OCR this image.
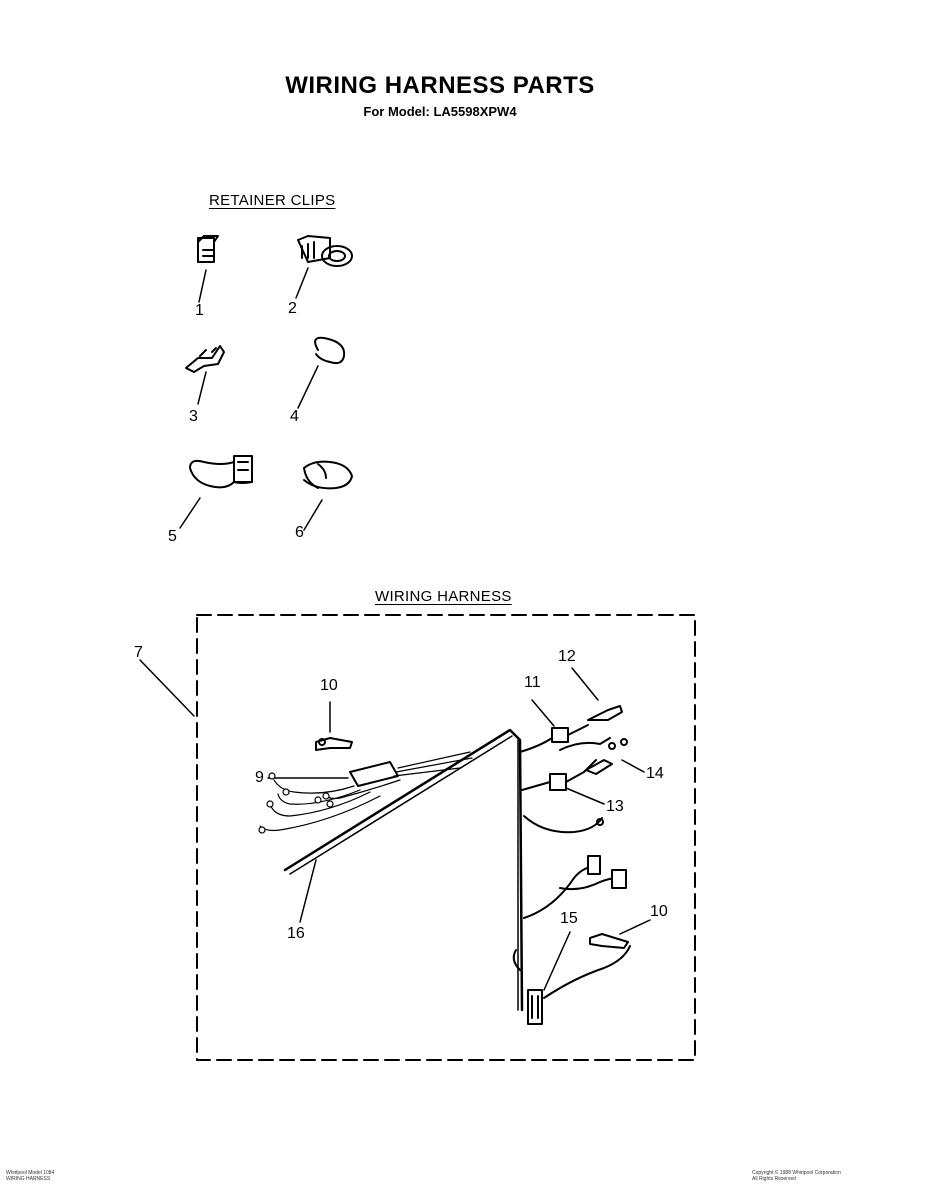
WIRING HARNESS PARTS
For Model: LA5598XPW4
RETAINER CLIPS
WIRING HARNESS
1	2
3	4
5	6
7
9
10
10
11
12
13
14
15
16
Whirlpool Model 1084
WIRING HARNESS
Copyright © 1988 Whirlpool Corporation
All Rights Reserved
